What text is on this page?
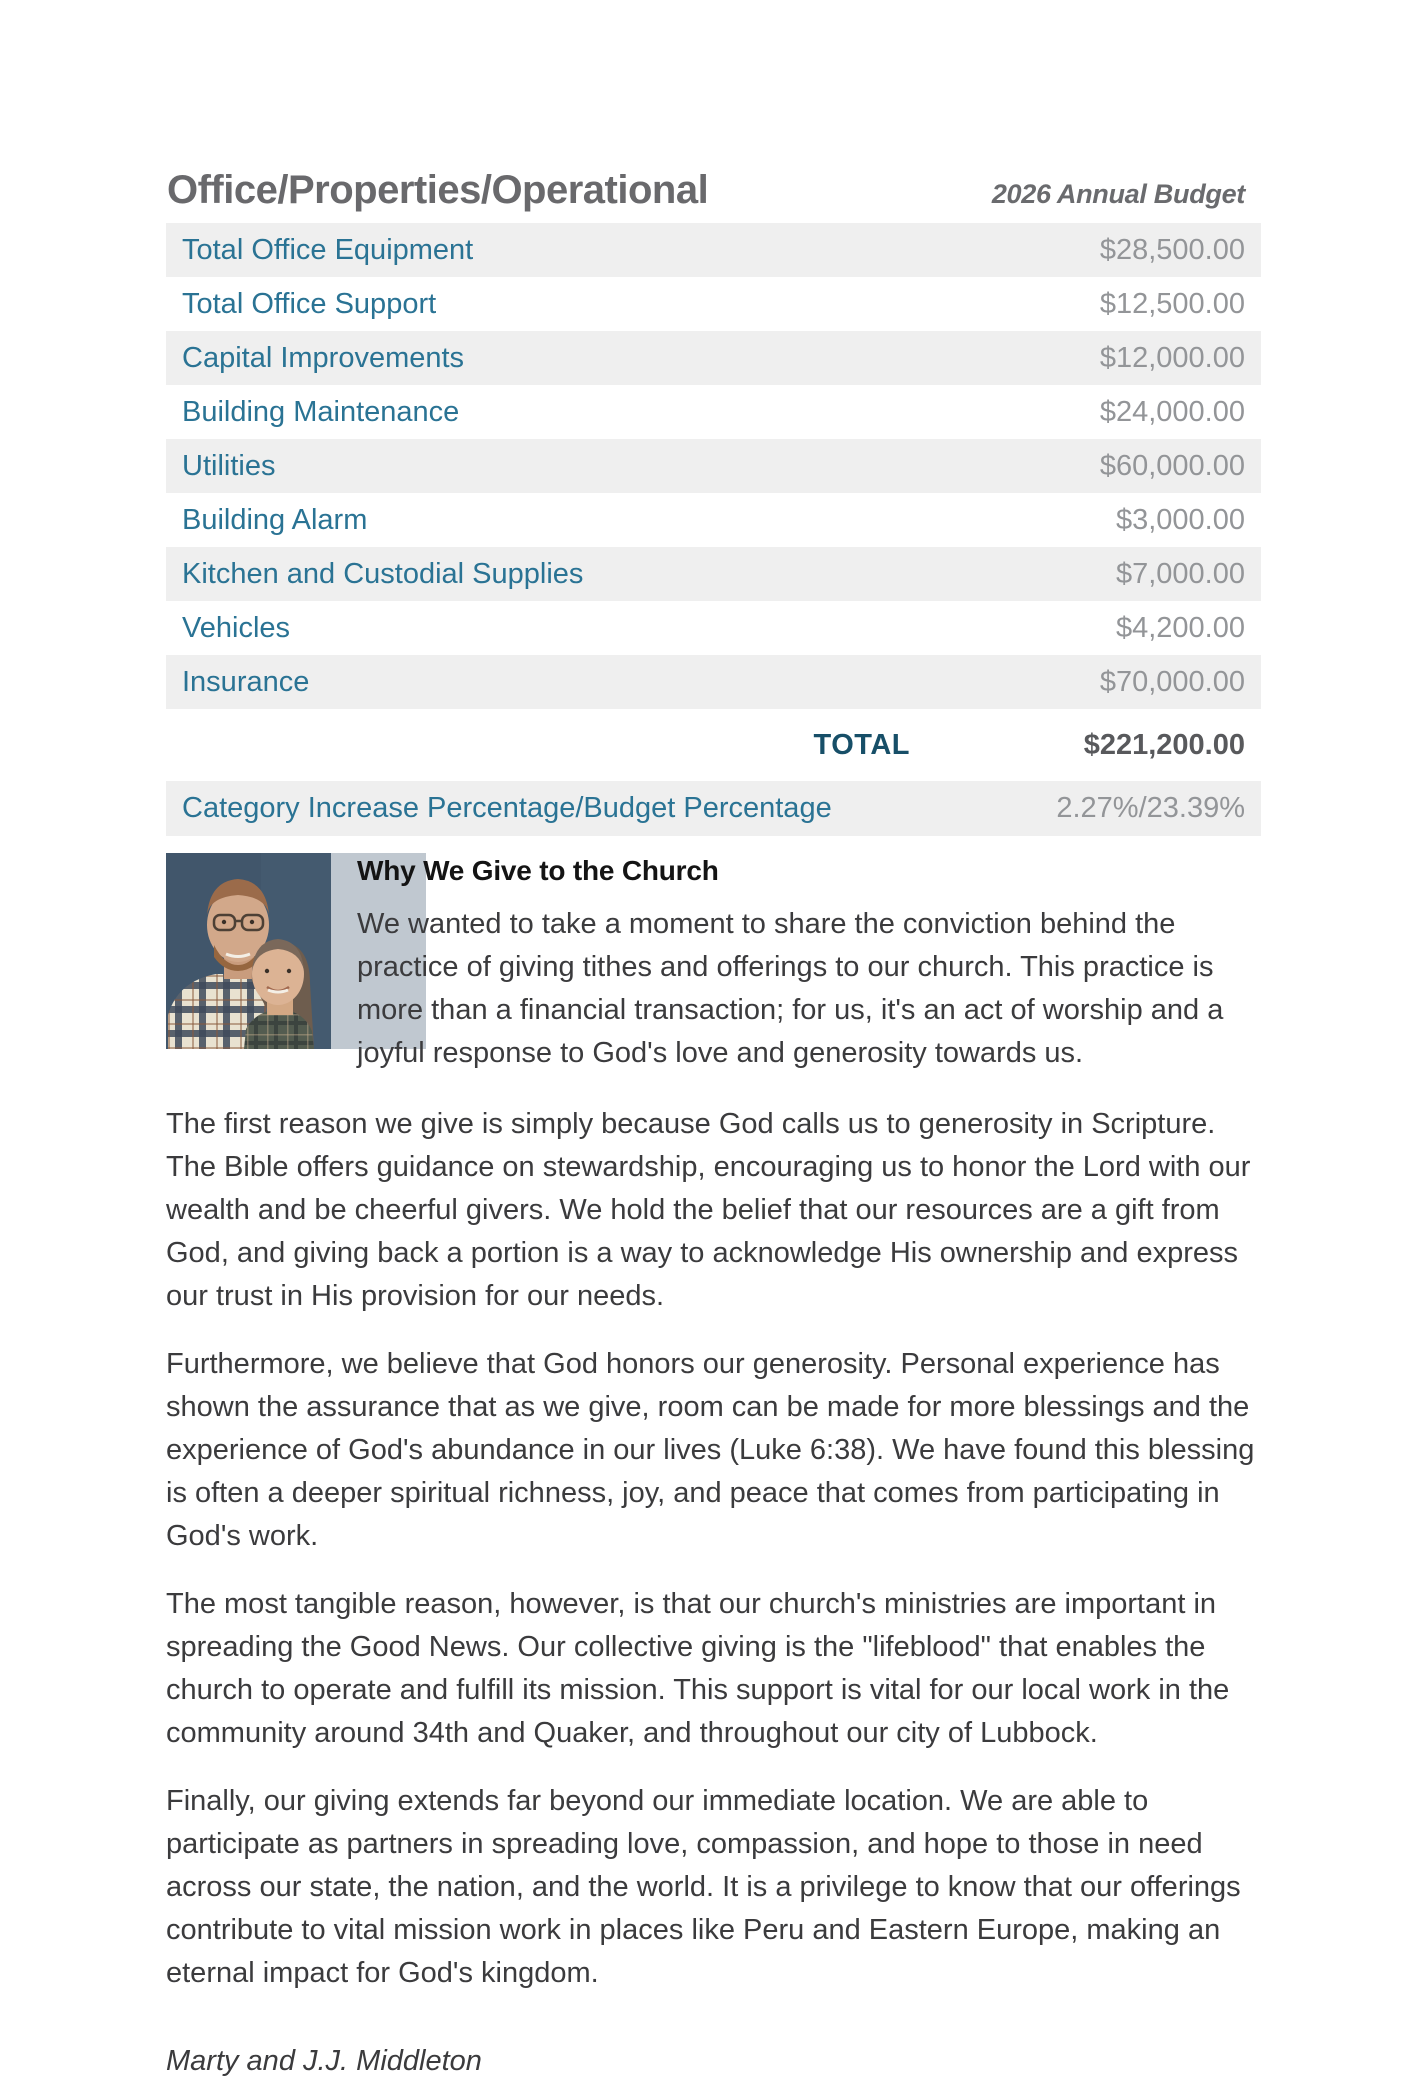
Office/Properties/Operational	2026 Annual Budget
Total Office Equipment	$28,500.00
Total Office Support	$12,500.00
Capital Improvements	$12,000.00
Building Maintenance	$24,000.00
Utilities	$60,000.00
Building Alarm	$3,000.00
Kitchen and Custodial Supplies	$7,000.00
Vehicles	$4,200.00
Insurance	$70,000.00
TOTAL	$221,200.00
Category Increase Percentage/Budget Percentage	2.27%/23.39%
Why We Give to the Church

We wanted to take a moment to share the conviction behind the practice of giving tithes and offerings to our church. This practice is more than a financial transaction; for us, it's an act of worship and a joyful response to God's love and generosity towards us.

The first reason we give is simply because God calls us to generosity in Scripture. The Bible offers guidance on stewardship, encouraging us to honor the Lord with our wealth and be cheerful givers. We hold the belief that our resources are a gift from God, and giving back a portion is a way to acknowledge His ownership and express our trust in His provision for our needs.

Furthermore, we believe that God honors our generosity. Personal experience has shown the assurance that as we give, room can be made for more blessings and the experience of God's abundance in our lives (Luke 6:38). We have found this blessing is often a deeper spiritual richness, joy, and peace that comes from participating in God's work.

The most tangible reason, however, is that our church's ministries are important in spreading the Good News. Our collective giving is the "lifeblood" that enables the church to operate and fulfill its mission. This support is vital for our local work in the community around 34th and Quaker, and throughout our city of Lubbock.

Finally, our giving extends far beyond our immediate location. We are able to participate as partners in spreading love, compassion, and hope to those in need across our state, the nation, and the world. It is a privilege to know that our offerings contribute to vital mission work in places like Peru and Eastern Europe, making an eternal impact for God's kingdom.

Marty and J.J. Middleton
